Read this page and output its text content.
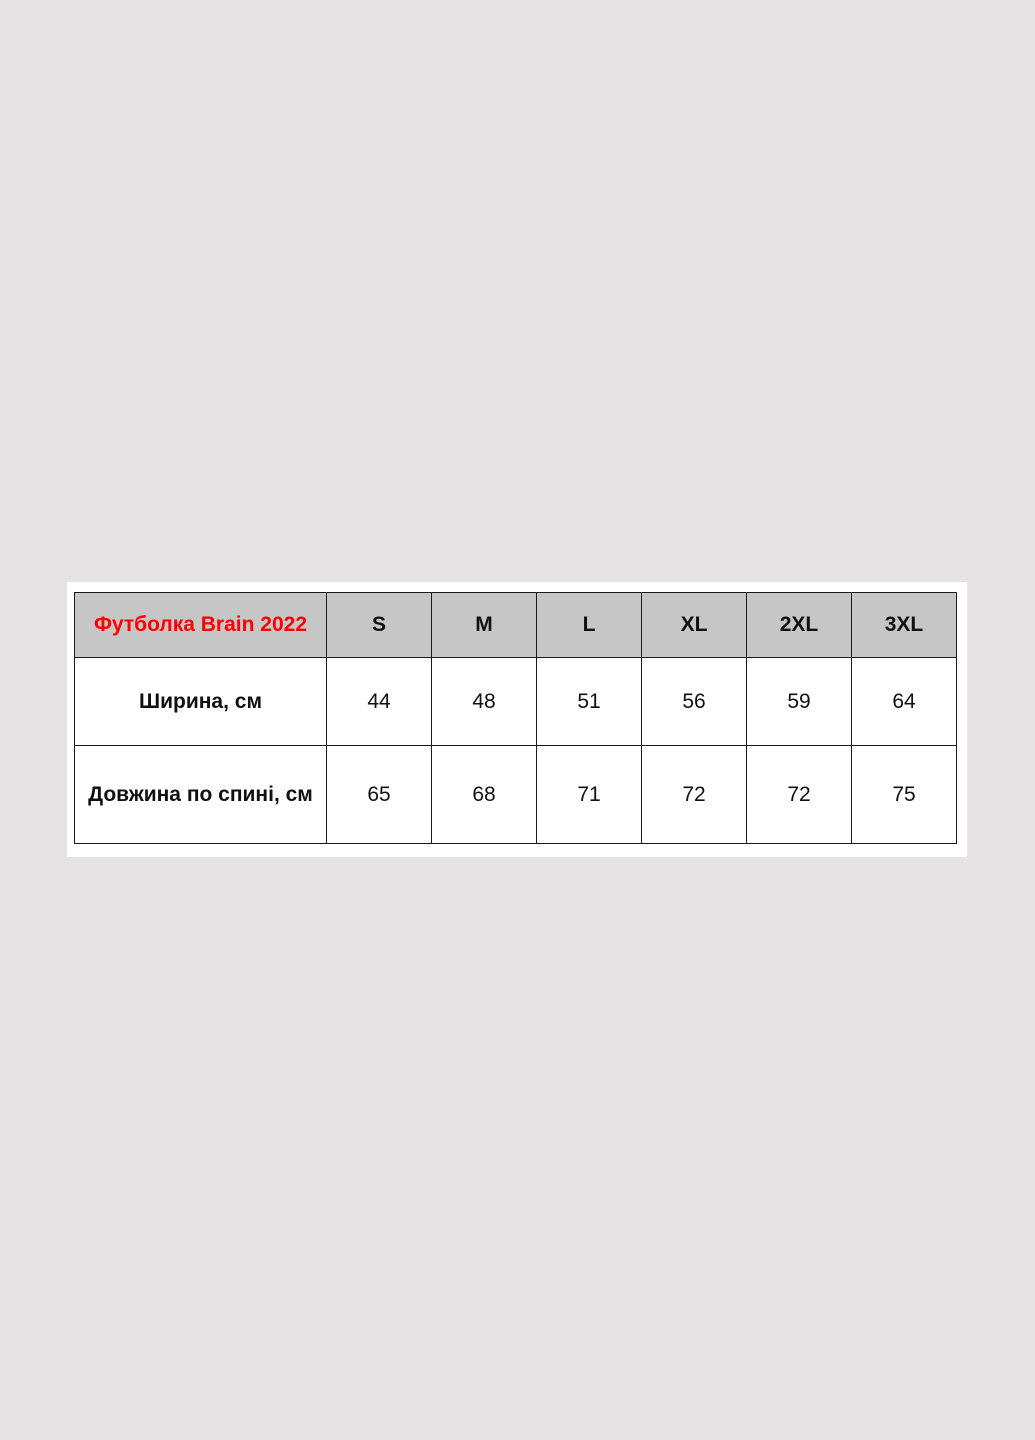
Футболка Brain 2022	S	M	L	XL	2XL	3XL
Ширина, см	44	48	51	56	59	64
Довжина по спині, см	65	68	71	72	72	75
